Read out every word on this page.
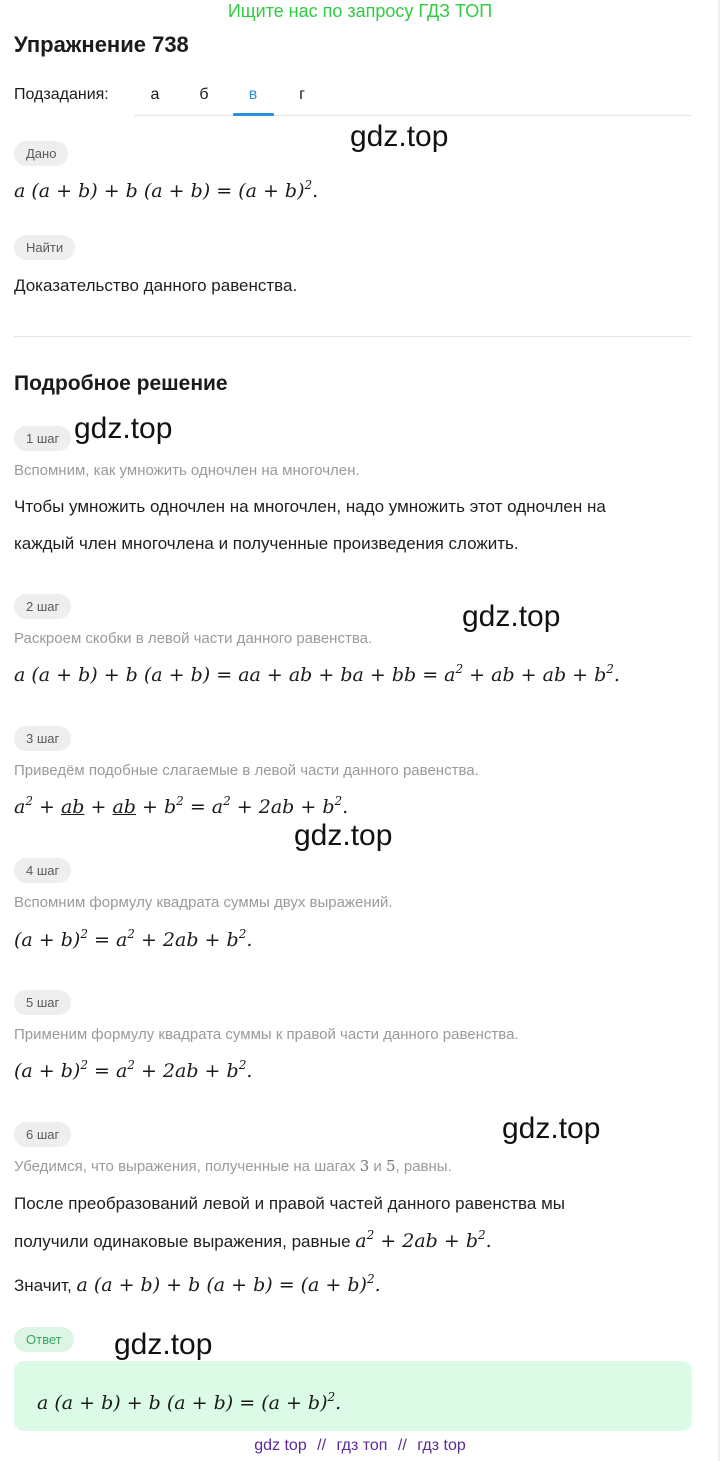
Ищите нас по запросу ГДЗ ТОП
Упражнение 738
Подзадания:	а	б	в	г
Дано
a (a + b) + b $(a + b) = (a + b)^2$.
Найти
Доказательство данного равенства.
Подробное решение
1 шаг
Вспомним, как умножить одночлен на многочлен.
Чтобы умножить одночлен на многочлен, надо умножить этот одночлен на
каждый член многочлена и полученные произведения сложить.
2 шаг
Раскроем скобки в левой части данного равенства.
a (a + b) + b (a + b) = aa + ab + ba + bb = $a^2$ + ab + ab + $b^2$.
3 шаг
Приведём подобные слагаемые в левой части данного равенства.
$a^2$ + ab + ab + $b^2 = a^2 + 2ab + b^2$.
4 шаг
Вспомним формулу квадрата суммы двух выражений.
$(a + b)^2 = a^2 + 2ab + b^2$.
5 шаг
Применим формулу квадрата суммы к правой части данного равенства.
$(a + b)^2 = a^2 + 2ab + b^2$.
6 шаг
Убедимся, что выражения, полученные на шагах 3 и 5, равны.
После преобразований левой и правой частей данного равенства мы
получили одинаковые выражения, равные $a^2 + 2ab + b^2$.
Значит, a (a + b) + b $(a + b) = (a + b)^2$.
Ответ
a (a + b) + b $(a + b) = (a + b)^2$.
gdz.top
gdz.top
gdz.top
gdz.top
gdz.top
gdz.top
gdz top // гдз топ // гдз top
